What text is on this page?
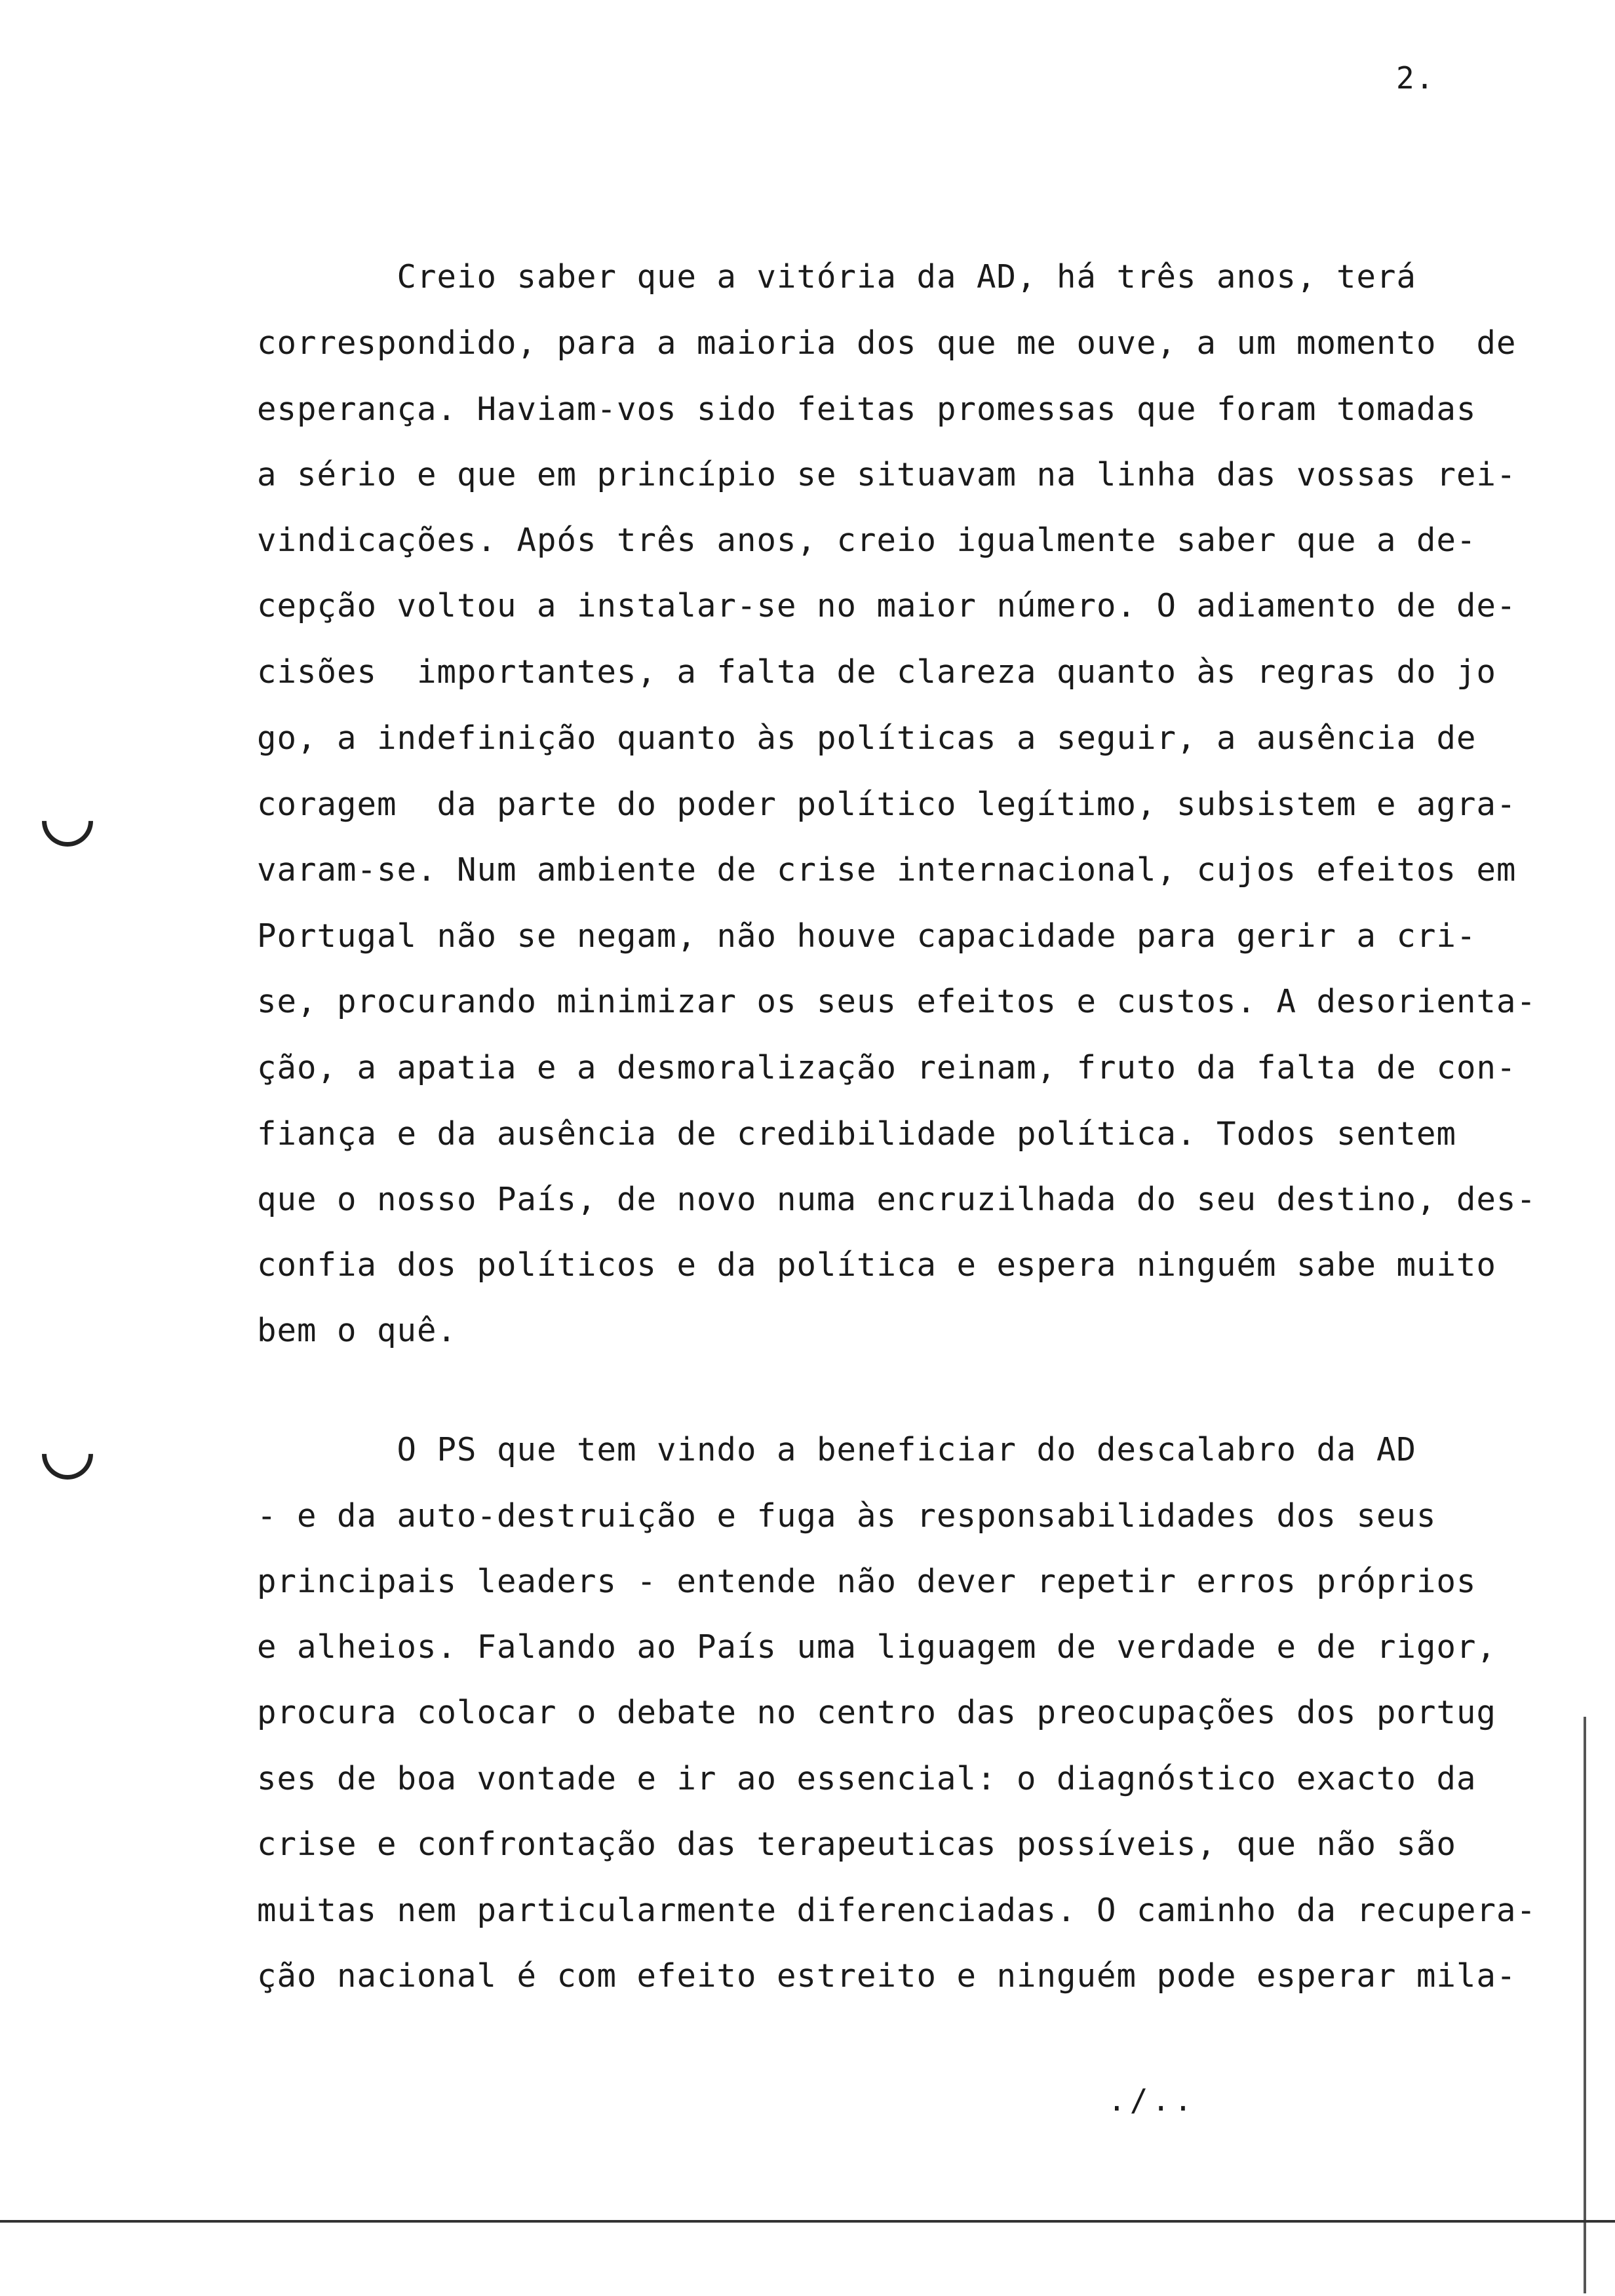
2.
Creio saber que a vitória da AD, há três anos, terá
correspondido, para a maioria dos que me ouve, a um momento  de
esperança. Haviam-vos sido feitas promessas que foram tomadas
a sério e que em princípio se situavam na linha das vossas rei-
vindicações. Após três anos, creio igualmente saber que a de-
cepção voltou a instalar-se no maior número. O adiamento de de-
cisões  importantes, a falta de clareza quanto às regras do jo
go, a indefinição quanto às políticas a seguir, a ausência de
coragem  da parte do poder político legítimo, subsistem e agra-
varam-se. Num ambiente de crise internacional, cujos efeitos em
Portugal não se negam, não houve capacidade para gerir a cri-
se, procurando minimizar os seus efeitos e custos. A desorienta-
ção, a apatia e a desmoralização reinam, fruto da falta de con-
fiança e da ausência de credibilidade política. Todos sentem
que o nosso País, de novo numa encruzilhada do seu destino, des-
confia dos políticos e da política e espera ninguém sabe muito
bem o quê.
O PS que tem vindo a beneficiar do descalabro da AD
- e da auto-destruição e fuga às responsabilidades dos seus
principais leaders - entende não dever repetir erros próprios
e alheios. Falando ao País uma liguagem de verdade e de rigor,
procura colocar o debate no centro das preocupações dos portug
ses de boa vontade e ir ao essencial: o diagnóstico exacto da
crise e confrontação das terapeuticas possíveis, que não são
muitas nem particularmente diferenciadas. O caminho da recupera-
ção nacional é com efeito estreito e ninguém pode esperar mila-
./..
